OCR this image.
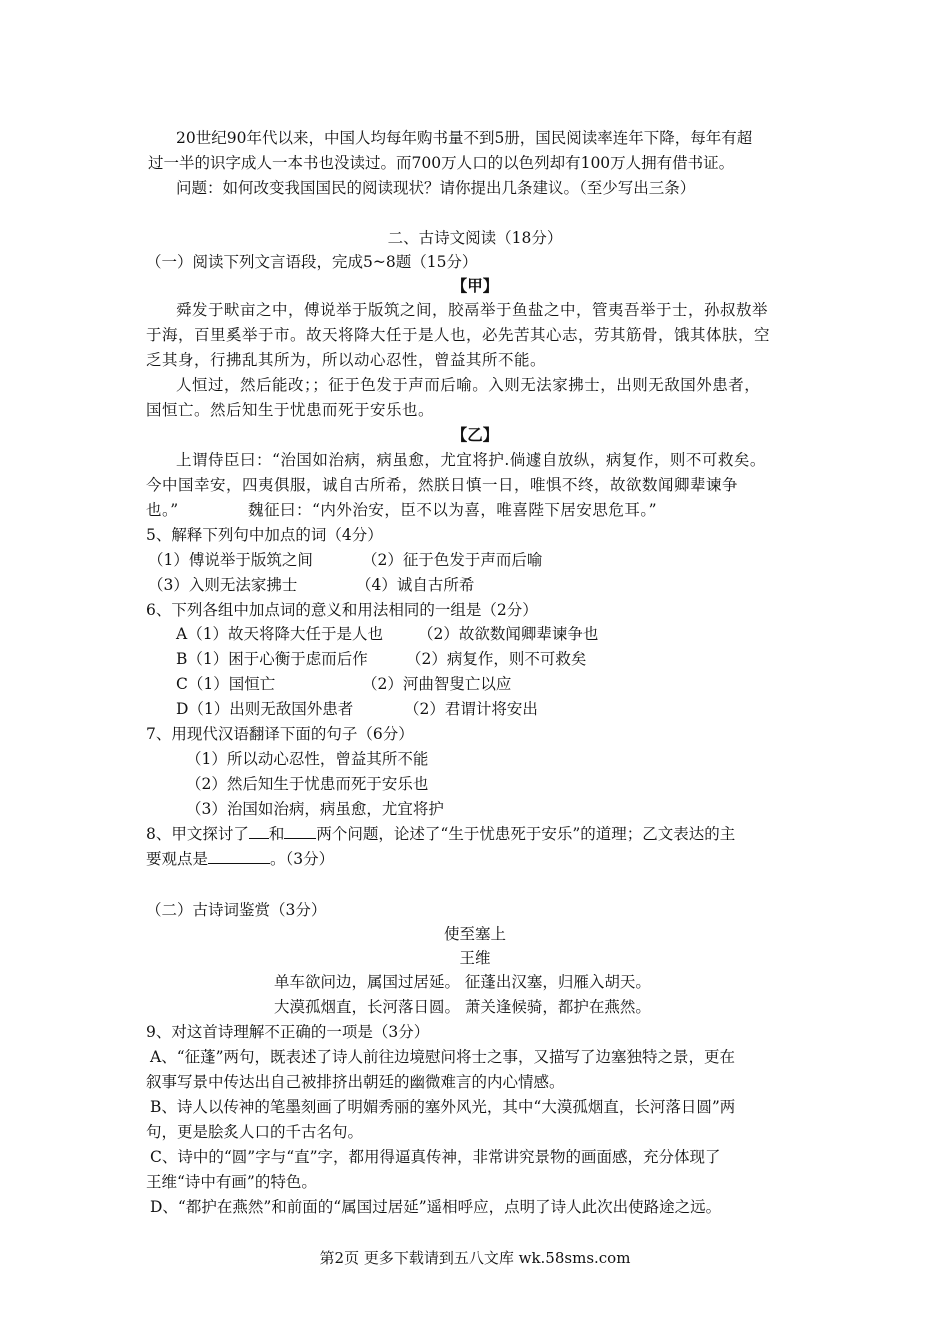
20世纪90年代以来，中国人均每年购书量不到5册，国民阅读率连年下降，每年有超
过一半的识字成人一本书也没读过。而700万人口的以色列却有100万人拥有借书证。
问题：如何改变我国国民的阅读现状？请你提出几条建议。（至少写出三条）
二、古诗文阅读（18分）
（一）阅读下列文言语段，完成5~8题（15分）
【甲】
舜发于畎亩之中，傅说举于版筑之间，胶鬲举于鱼盐之中，管夷吾举于士，孙叔敖举
于海，百里奚举于市。故天将降大任于是人也，必先苦其心志，劳其筋骨，饿其体肤，空
乏其身，行拂乱其所为，所以动心忍性，曾益其所不能。
人恒过，然后能改；；征于色发于声而后喻。入则无法家拂士，出则无敌国外患者，
国恒亡。然后知生于忧患而死于安乐也。
【乙】
上谓侍臣曰：“治国如治病，病虽愈，尤宜将护.倘遽自放纵，病复作，则不可救矣。
今中国幸安，四夷俱服，诚自古所希，然朕日慎一日，唯惧不终，故欲数闻卿辈谏争
也。”	魏征曰：“内外治安，臣不以为喜，唯喜陛下居安思危耳。”
5、解释下列句中加点的词（4分）
（1）傅说举于版筑之间	（2）征于色发于声而后喻
（3）入则无法家拂士	（4）诚自古所希
6、下列各组中加点词的意义和用法相同的一组是（2分）
A（1）故天将降大任于是人也 （2）故欲数闻卿辈谏争也
B（1）困于心衡于虑而后作 （2）病复作，则不可救矣
C（1）国恒亡	（2）河曲智叟亡以应
D（1）出则无敌国外患者	（2）君谓计将安出
7、用现代汉语翻译下面的句子（6分）
（1）所以动心忍性，曾益其所不能
（2）然后知生于忧患而死于安乐也
（3）治国如治病，病虽愈，尤宜将护
8、甲文探讨了 和 两个问题，论述了“生于忧患死于安乐”的道理；乙文表达的主
要观点是	。（3分）
（二）古诗词鉴赏（3分）
使至塞上
王维
单车欲问边，属国过居延。 征蓬出汉塞，归雁入胡天。
大漠孤烟直，长河落日圆。 萧关逢候骑，都护在燕然。
9、对这首诗理解不正确的一项是（3分）
A、“征蓬”两句，既表述了诗人前往边境慰问将士之事，又描写了边塞独特之景，更在
叙事写景中传达出自己被排挤出朝廷的幽微难言的内心情感。
B、诗人以传神的笔墨刻画了明媚秀丽的塞外风光，其中“大漠孤烟直，长河落日圆”两
句，更是脍炙人口的千古名句。
C、诗中的“圆”字与“直”字，都用得逼真传神，非常讲究景物的画面感，充分体现了
王维“诗中有画”的特色。
D、“都护在燕然”和前面的“属国过居延”遥相呼应，点明了诗人此次出使路途之远。
第2页 更多下载请到五八文库 wk.58sms.com
